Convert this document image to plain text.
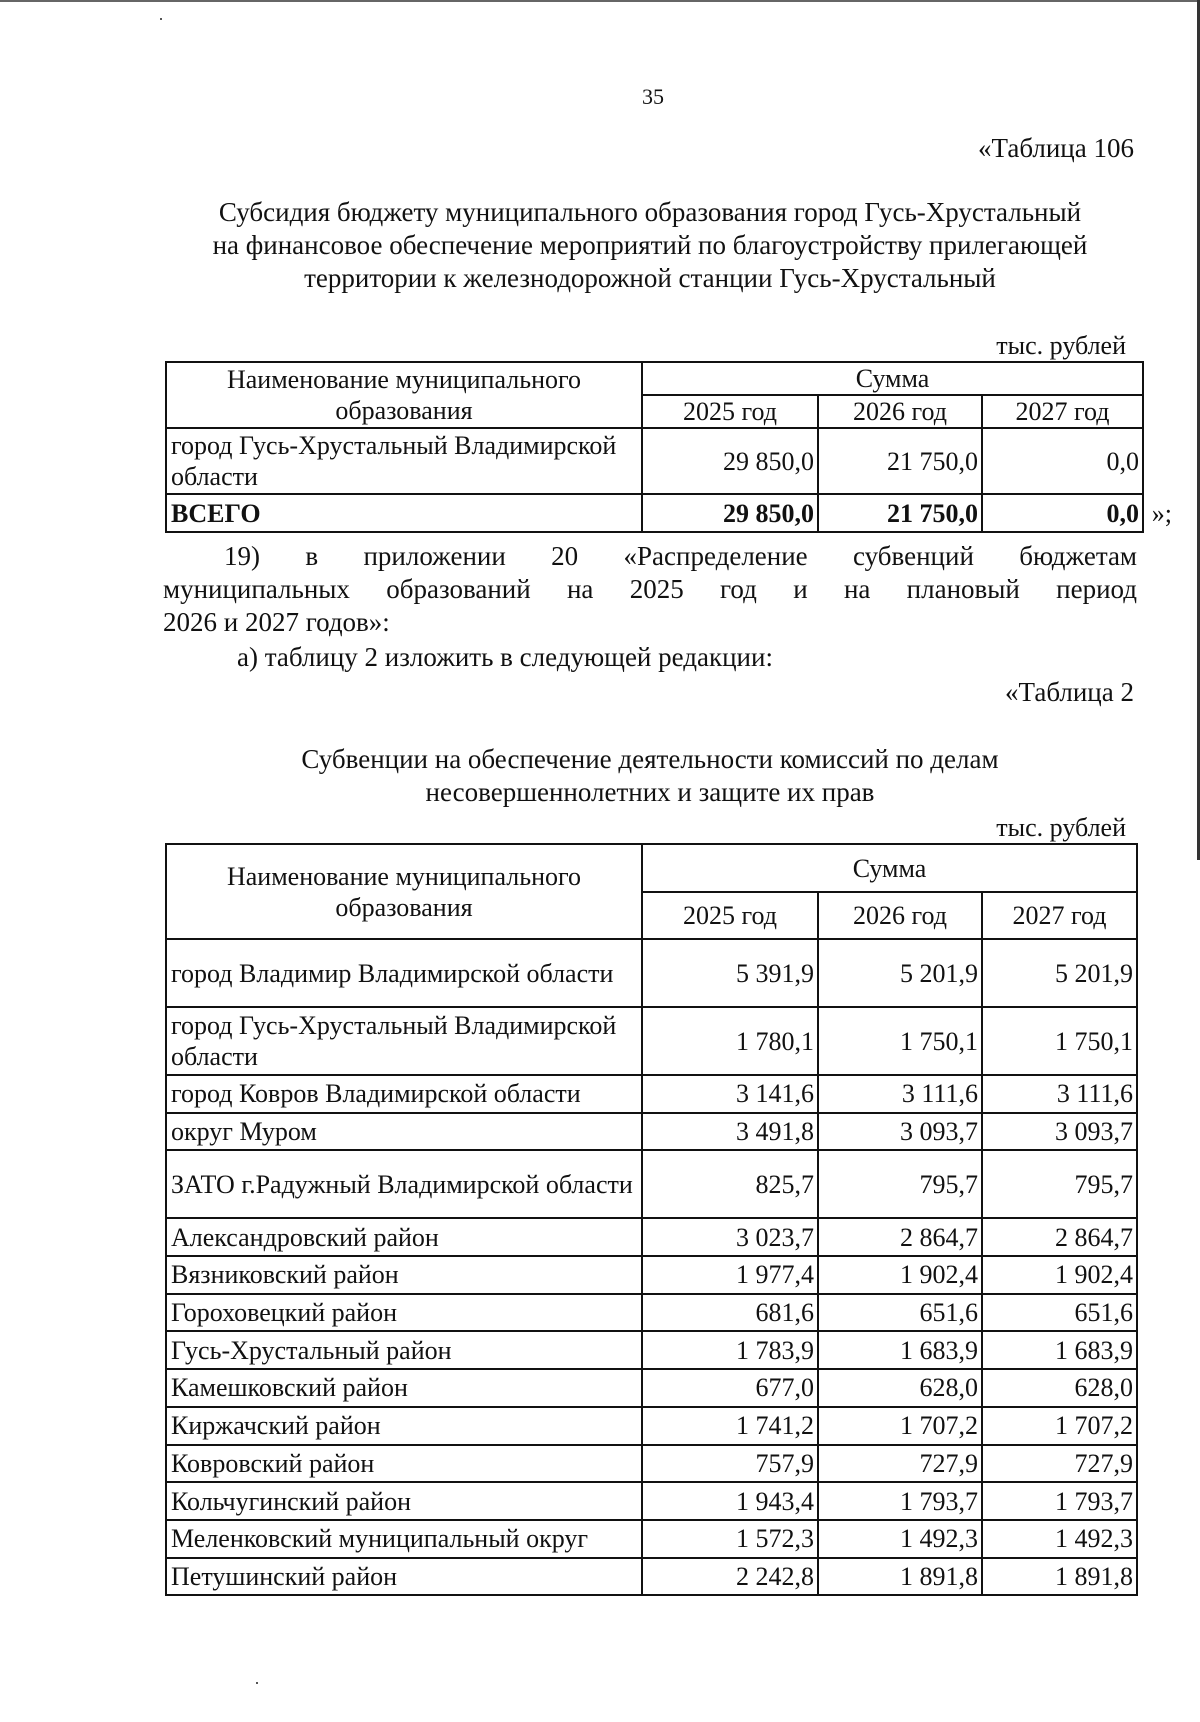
35
«Таблица 106
Субсидия бюджету муниципального образования город Гусь-Хрустальный
на финансовое обеспечение мероприятий по благоустройству прилегающей
территории к железнодорожной станции Гусь-Хрустальный
тыс. рублей
Наименование муниципального образования	Сумма		
	2025 год	2026 год	2027 год
город Гусь-Хрустальный Владимирской области	29 850,0	21 750,0	0,0
ВСЕГО	29 850,0	21 750,0	0,0 »;
19) в приложении 20 «Распределение субвенций бюджетам
муниципальных образований на 2025 год и на плановый период
2026 и 2027 годов»:
а) таблицу 2 изложить в следующей редакции:
«Таблица 2
Субвенции на обеспечение деятельности комиссий по делам
несовершеннолетних и защите их прав
тыс. рублей
Наименование муниципального образования	Сумма		
	2025 год	2026 год	2027 год
город Владимир Владимирской области	5 391,9	5 201,9	5 201,9
город Гусь-Хрустальный Владимирской области	1 780,1	1 750,1	1 750,1
город Ковров Владимирской области	3 141,6	3 111,6	3 111,6
округ Муром	3 491,8	3 093,7	3 093,7
ЗАТО г.Радужный Владимирской области	825,7	795,7	795,7
Александровский район	3 023,7	2 864,7	2 864,7
Вязниковский район	1 977,4	1 902,4	1 902,4
Гороховецкий район	681,6	651,6	651,6
Гусь-Хрустальный район	1 783,9	1 683,9	1 683,9
Камешковский район	677,0	628,0	628,0
Киржачский район	1 741,2	1 707,2	1 707,2
Ковровский район	757,9	727,9	727,9
Кольчугинский район	1 943,4	1 793,7	1 793,7
Меленковский муниципальный округ	1 572,3	1 492,3	1 492,3
Петушинский район	2 242,8	1 891,8	1 891,8
